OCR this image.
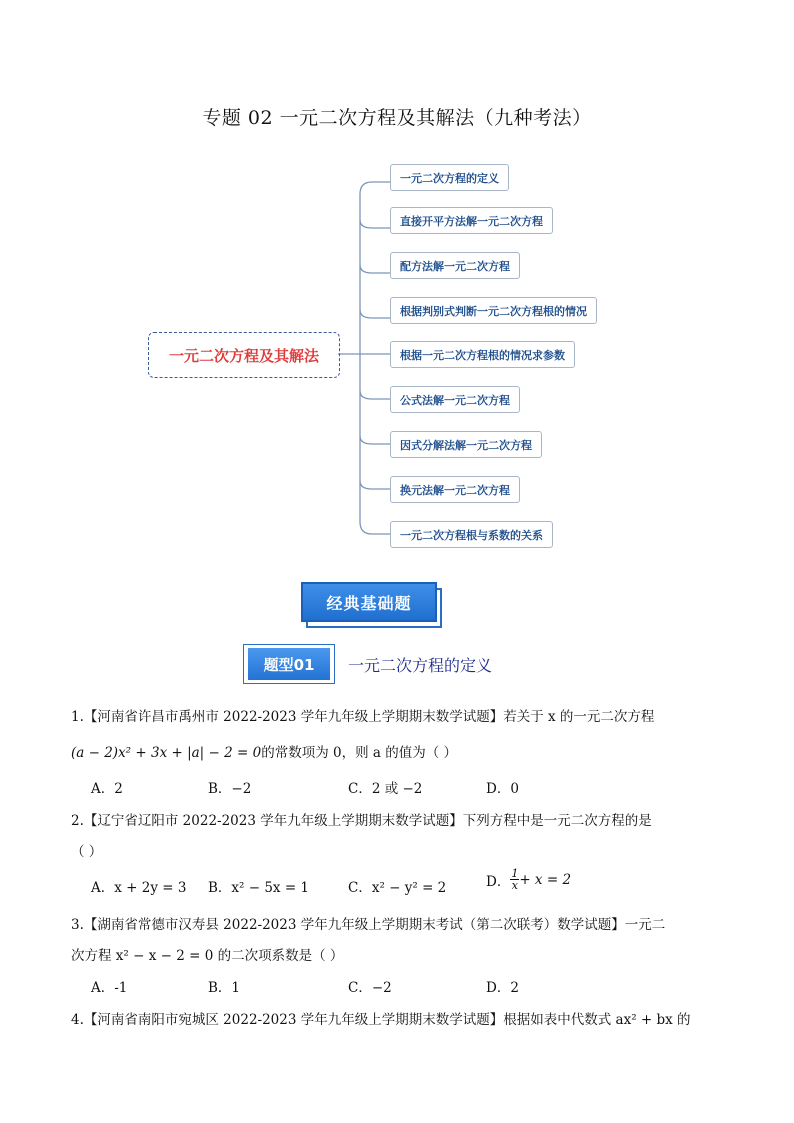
专题 02 一元二次方程及其解法（九种考法）
一元二次方程及其解法
一元二次方程的定义
直接开平方法解一元二次方程
配方法解一元二次方程
根据判别式判断一元二次方程根的情况
根据一元二次方程根的情况求参数
公式法解一元二次方程
因式分解法解一元二次方程
换元法解一元二次方程
一元二次方程根与系数的关系
经典基础题
题型01	一元二次方程的定义
1.【河南省许昌市禹州市 2022-2023 学年九年级上学期期末数学试题】若关于 x 的一元二次方程
(a − 2)x² + 3x + |a| − 2 = 0的常数项为 0，则 a 的值为（ ）
A．2	B．−2	C．2 或 −2	D．0
2.【辽宁省辽阳市 2022-2023 学年九年级上学期期末数学试题】下列方程中是一元二次方程的是
（ ）
A．x + 2y = 3 B．x² − 5x = 1	C．x² − y² = 2	D． $\frac{1}{x} + x = 2$
3.【湖南省常德市汉寿县 2022-2023 学年九年级上学期期末考试（第二次联考）数学试题】一元二
次方程 x² − x − 2 = 0 的二次项系数是（ ）
A．-1	B．1	C．−2	D．2
4.【河南省南阳市宛城区 2022-2023 学年九年级上学期期末数学试题】根据如表中代数式 ax² + bx 的
